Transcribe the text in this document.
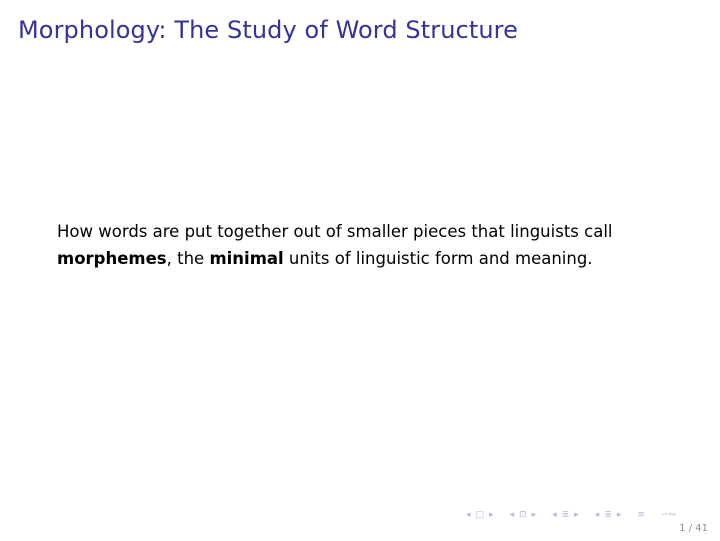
Morphology: The Study of Word Structure
How words are put together out of smaller pieces that linguists call
morphemes, the minimal units of linguistic form and meaning.
◂ □ ▸ ◂ ⊡ ▸ ◂ ≣ ▸ ◂ ≣ ▸ ≡ ∽∾
1 / 41
